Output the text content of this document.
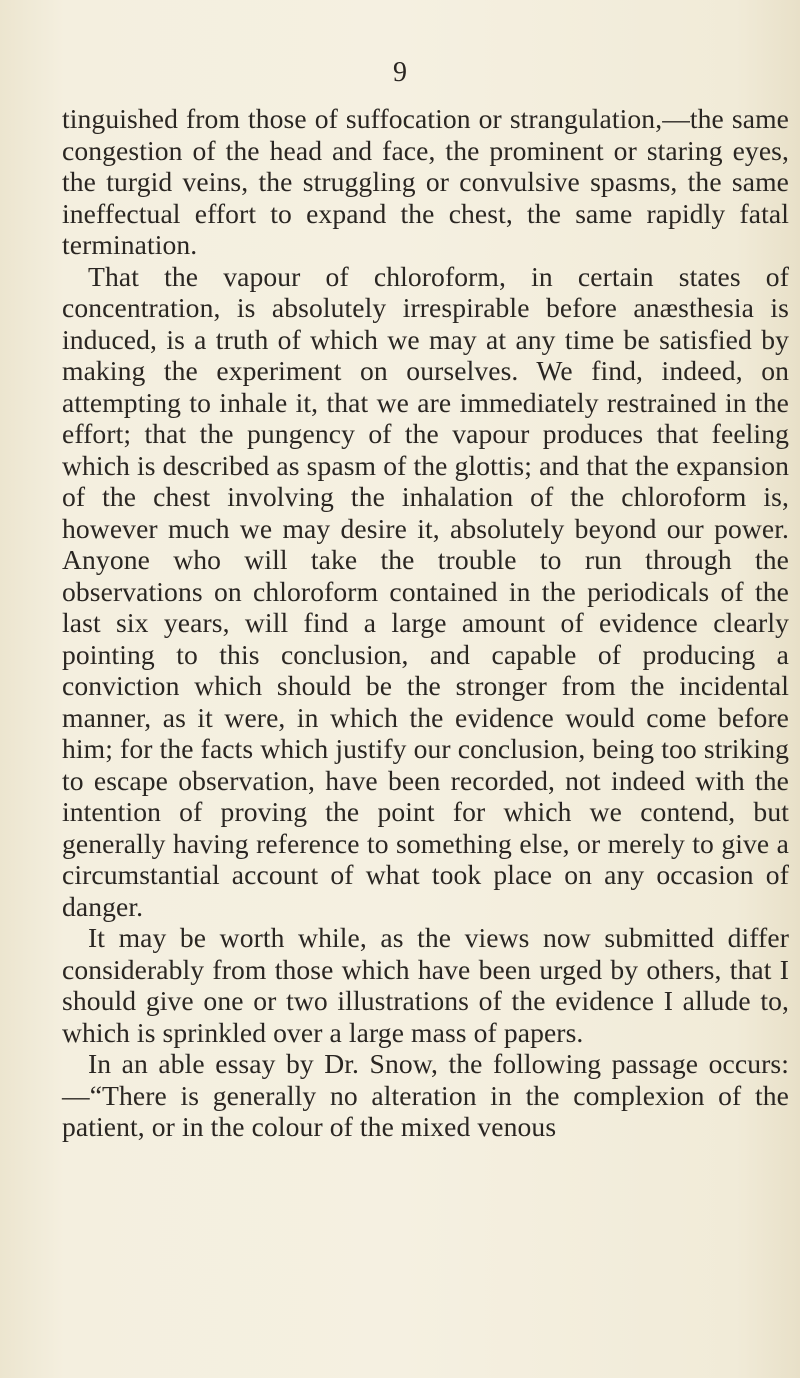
9

tinguished from those of suffocation or strangulation,—the same congestion of the head and face, the prominent or staring eyes, the turgid veins, the struggling or convulsive spasms, the same ineffectual effort to expand the chest, the same rapidly fatal termination.

That the vapour of chloroform, in certain states of concentration, is absolutely irrespirable before anæsthesia is induced, is a truth of which we may at any time be satisfied by making the experiment on ourselves. We find, indeed, on attempting to inhale it, that we are immediately restrained in the effort; that the pungency of the vapour produces that feeling which is described as spasm of the glottis; and that the expansion of the chest involving the inhalation of the chloroform is, however much we may desire it, absolutely beyond our power. Anyone who will take the trouble to run through the observations on chloroform contained in the periodicals of the last six years, will find a large amount of evidence clearly pointing to this conclusion, and capable of producing a conviction which should be the stronger from the incidental manner, as it were, in which the evidence would come before him; for the facts which justify our conclusion, being too striking to escape observation, have been recorded, not indeed with the intention of proving the point for which we contend, but generally having reference to something else, or merely to give a circumstantial account of what took place on any occasion of danger.

It may be worth while, as the views now submitted differ considerably from those which have been urged by others, that I should give one or two illustrations of the evidence I allude to, which is sprinkled over a large mass of papers.

In an able essay by Dr. Snow, the following passage occurs:—“There is generally no alteration in the complexion of the patient, or in the colour of the mixed venous
